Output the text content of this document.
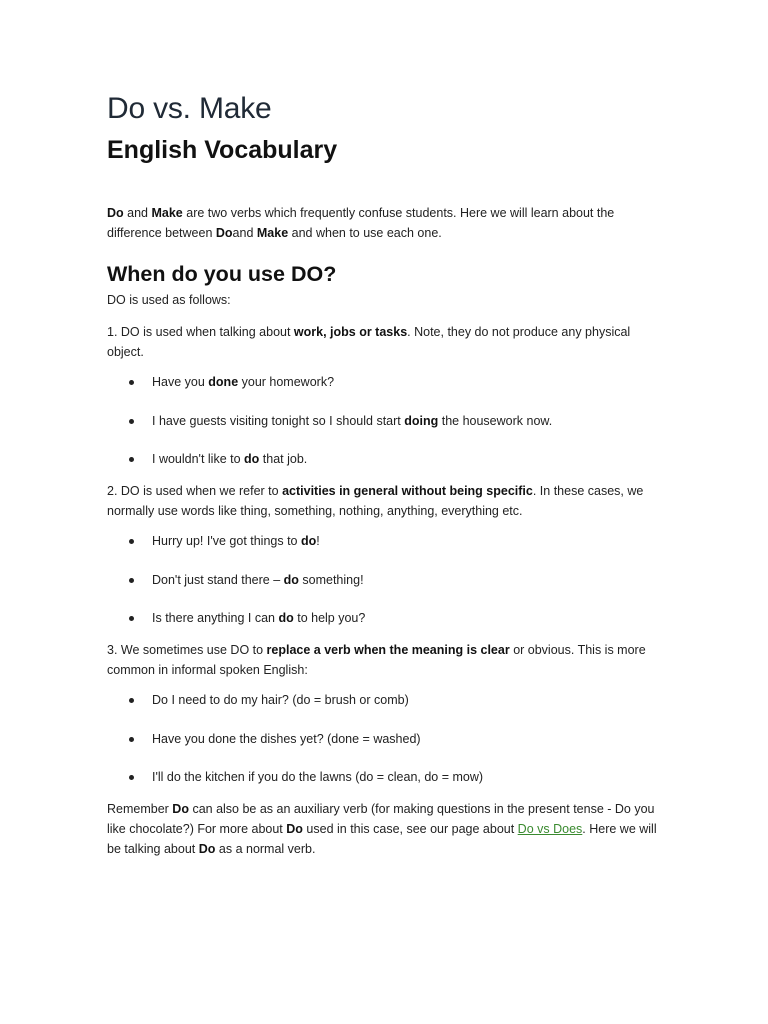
Do vs. Make
English Vocabulary

Do and Make are two verbs which frequently confuse students. Here we will learn about the difference between Doand Make and when to use each one.

When do you use DO?

DO is used as follows:

1. DO is used when talking about work, jobs or tasks. Note, they do not produce any physical object.

Have you done your homework?
I have guests visiting tonight so I should start doing the housework now.
I wouldn't like to do that job.

2. DO is used when we refer to activities in general without being specific. In these cases, we normally use words like thing, something, nothing, anything, everything etc.

Hurry up! I've got things to do!
Don't just stand there – do something!
Is there anything I can do to help you?

3. We sometimes use DO to replace a verb when the meaning is clear or obvious. This is more common in informal spoken English:

Do I need to do my hair? (do = brush or comb)
Have you done the dishes yet? (done = washed)
I'll do the kitchen if you do the lawns (do = clean, do = mow)

Remember Do can also be as an auxiliary verb (for making questions in the present tense - Do you like chocolate?) For more about Do used in this case, see our page about Do vs Does. Here we will be talking about Do as a normal verb.
